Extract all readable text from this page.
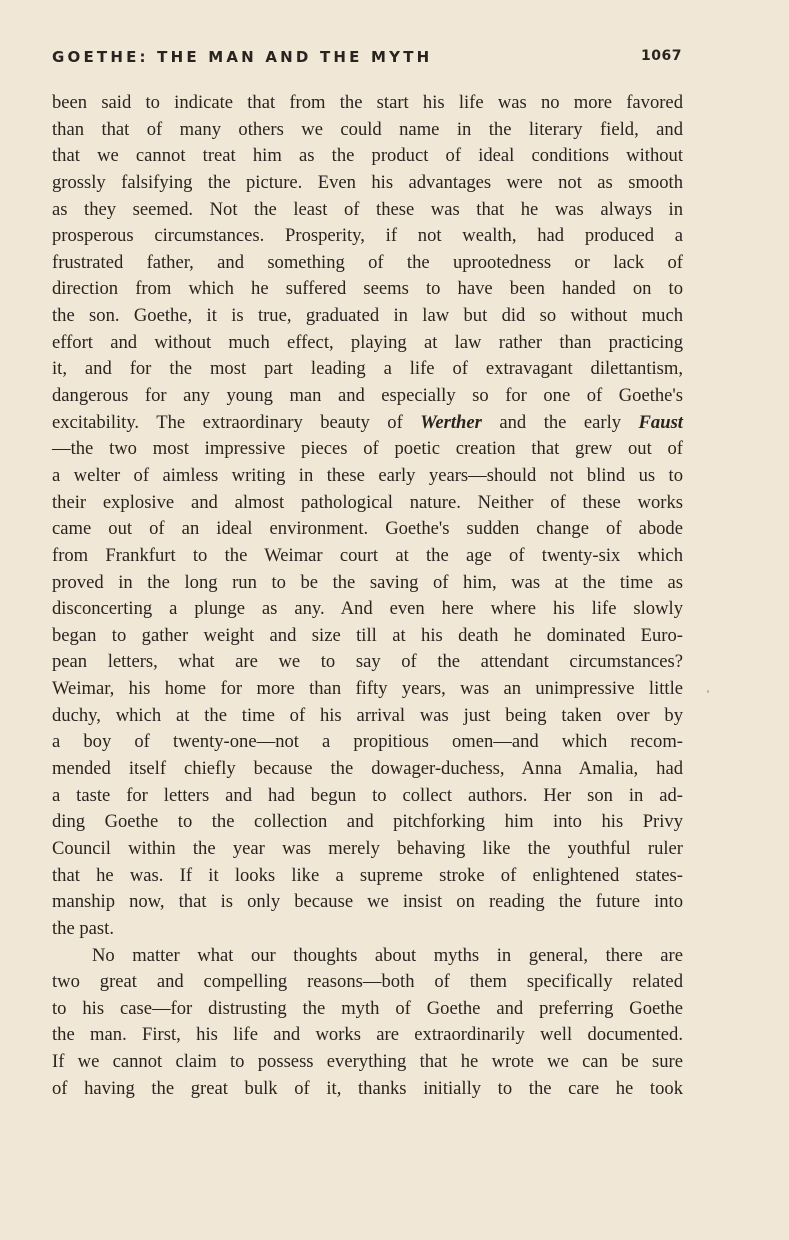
GOETHE: THE MAN AND THE MYTH	1067
been said to indicate that from the start his life was no more favored
than that of many others we could name in the literary field, and
that we cannot treat him as the product of ideal conditions without
grossly falsifying the picture. Even his advantages were not as smooth
as they seemed. Not the least of these was that he was always in
prosperous circumstances. Prosperity, if not wealth, had produced a
frustrated father, and something of the uprootedness or lack of
direction from which he suffered seems to have been handed on to
the son. Goethe, it is true, graduated in law but did so without much
effort and without much effect, playing at law rather than practicing
it, and for the most part leading a life of extravagant dilettantism,
dangerous for any young man and especially so for one of Goethe's
excitability. The extraordinary beauty of Werther and the early Faust
—the two most impressive pieces of poetic creation that grew out of
a welter of aimless writing in these early years—should not blind us to
their explosive and almost pathological nature. Neither of these works
came out of an ideal environment. Goethe's sudden change of abode
from Frankfurt to the Weimar court at the age of twenty-six which
proved in the long run to be the saving of him, was at the time as
disconcerting a plunge as any. And even here where his life slowly
began to gather weight and size till at his death he dominated Euro-
pean letters, what are we to say of the attendant circumstances?
Weimar, his home for more than fifty years, was an unimpressive little
duchy, which at the time of his arrival was just being taken over by
a boy of twenty-one—not a propitious omen—and which recom-
mended itself chiefly because the dowager-duchess, Anna Amalia, had
a taste for letters and had begun to collect authors. Her son in ad-
ding Goethe to the collection and pitchforking him into his Privy
Council within the year was merely behaving like the youthful ruler
that he was. If it looks like a supreme stroke of enlightened states-
manship now, that is only because we insist on reading the future into
the past.
No matter what our thoughts about myths in general, there are
two great and compelling reasons—both of them specifically related
to his case—for distrusting the myth of Goethe and preferring Goethe
the man. First, his life and works are extraordinarily well documented.
If we cannot claim to possess everything that he wrote we can be sure
of having the great bulk of it, thanks initially to the care he took
